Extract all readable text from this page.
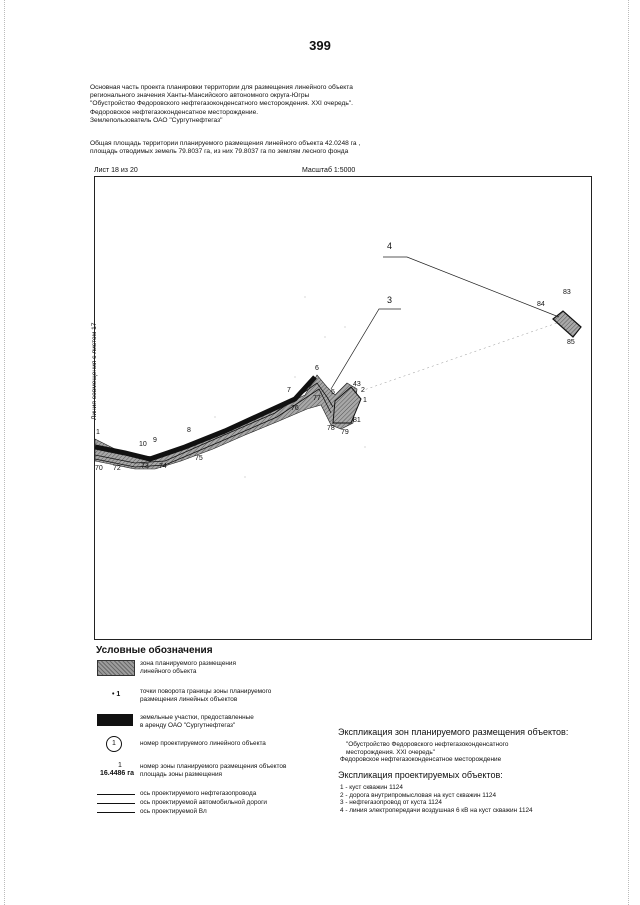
399
Основная часть проекта планировки территории для размещения линейного объекта
регионального значения Ханты-Мансийского автономного округа-Югры
"Обустройство Федоровского нефтегазоконденсатного месторождения. XXI очередь".
Федоровское нефтегазоконденсатное месторождение.
Землепользователь ОАО "Сургутнефтегаз"
Общая площадь территории планируемого размещения линейного объекта 42.0248 га ,
площадь отводимых земель 79.8037 га, из них 79.8037 га по землям лесного фонда
Лист 18 из 20	Масштаб 1:5000
4
3
1
10
9
8
7
6
5
77
76
75
74
73
72
70
43
2
1
81
78
79
83
84
85
Линия совмещения с листом 17
Условные обозначения
зона планируемого размещения
линейного объекта
• 1	точки поворота границы зоны планируемого
размещения линейных объектов
земельные участки, предоставленные
в аренду ОАО "Сургутнефтегаз"
1	номер проектируемого линейного объекта
1
16.4486 га
номер зоны планируемого размещения объектов
площадь зоны размещения
ось проектируемого нефтегазопровода
ось проектируемой автомобильной дороги
ось проектируемой Вл
Экспликация зон планируемого размещения объектов:
"Обустройство Федоровского нефтегазоконденсатного
месторождения. XXI очередь"
Федоровское нефтегазоконденсатное месторождение
Экспликация проектируемых объектов:
1 - куст скважин 1124
2 - дорога внутрипромысловая на куст скважин 1124
3 - нефтегазопровод от куста 1124
4 - линия электропередачи воздушная 6 кВ на куст скважин 1124
